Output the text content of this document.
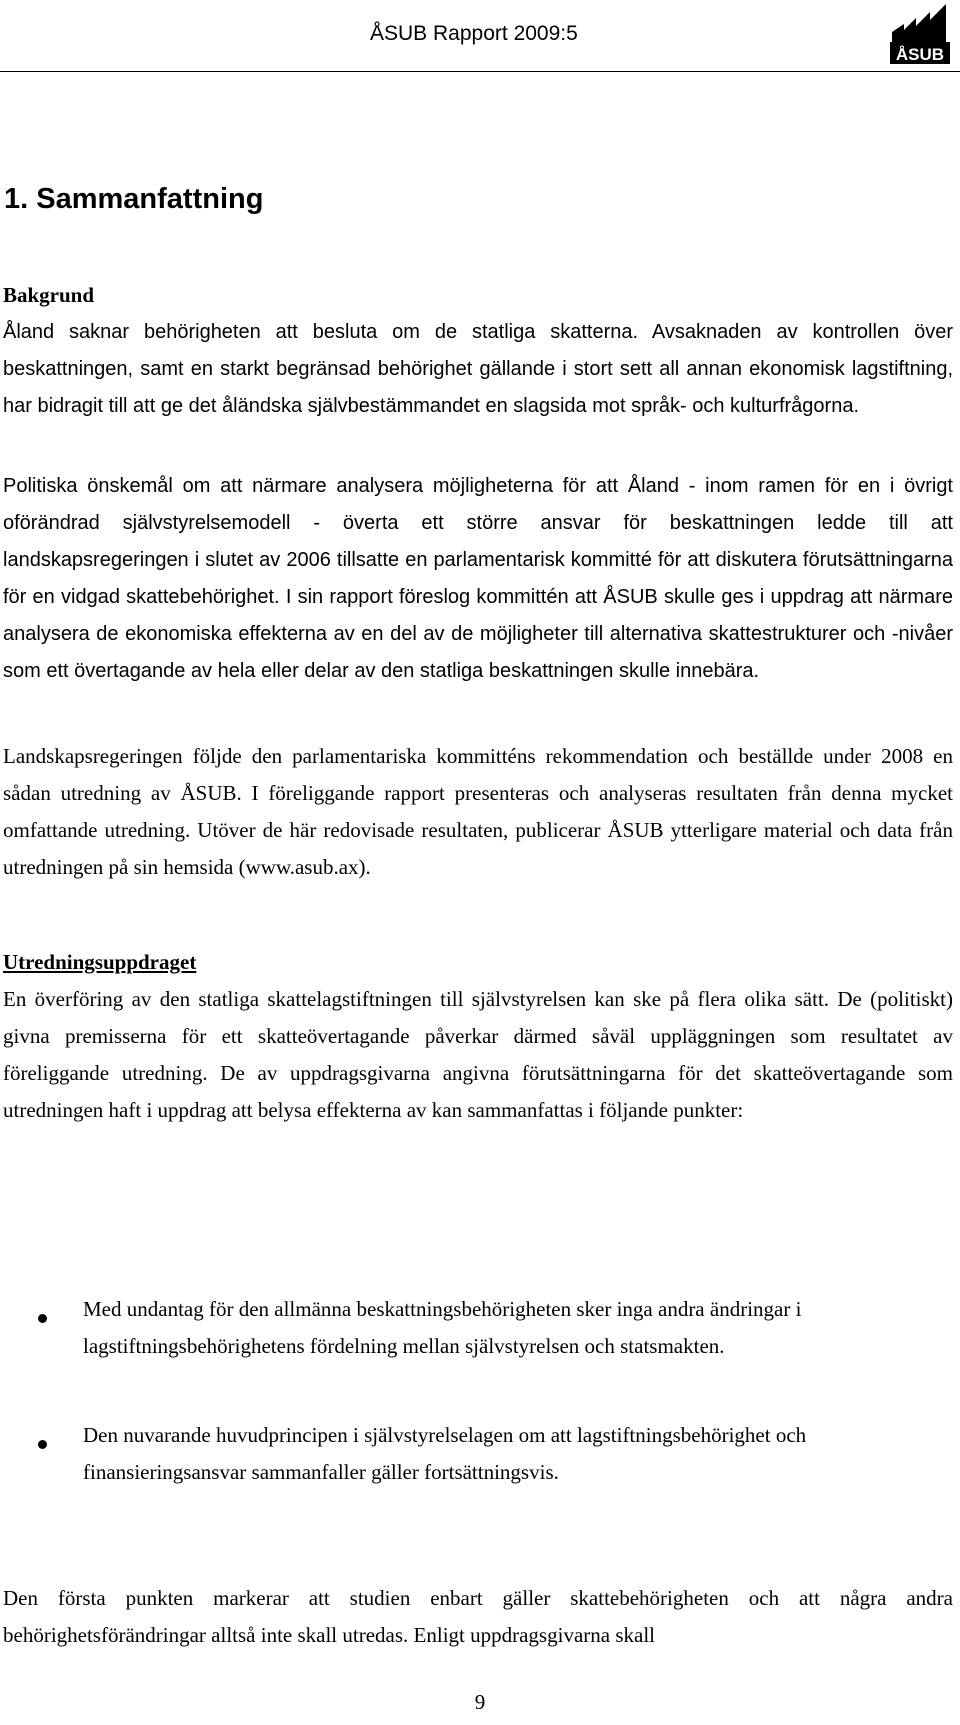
ÅSUB Rapport 2009:5
ÅSUB
1. Sammanfattning

Bakgrund

Åland saknar behörigheten att besluta om de statliga skatterna. Avsaknaden av kontrollen över beskattningen, samt en starkt begränsad behörighet gällande i stort sett all annan ekonomisk lagstiftning, har bidragit till att ge det åländska självbestämmandet en slagsida mot språk- och kulturfrågorna.

Politiska önskemål om att närmare analysera möjligheterna för att Åland - inom ramen för en i övrigt oförändrad självstyrelsemodell - överta ett större ansvar för beskattningen ledde till att landskapsregeringen i slutet av 2006 tillsatte en parlamentarisk kommitté för att diskutera förutsättningarna för en vidgad skattebehörighet. I sin rapport föreslog kommittén att ÅSUB skulle ges i uppdrag att närmare analysera de ekonomiska effekterna av en del av de möjligheter till alternativa skattestrukturer och -nivåer som ett övertagande av hela eller delar av den statliga beskattningen skulle innebära.

Landskapsregeringen följde den parlamentariska kommitténs rekommendation och beställde under 2008 en sådan utredning av ÅSUB. I föreliggande rapport presenteras och analyseras resultaten från denna mycket omfattande utredning. Utöver de här redovisade resultaten, publicerar ÅSUB ytterligare material och data från utredningen på sin hemsida (www.asub.ax).

Utredningsuppdraget

En överföring av den statliga skattelagstiftningen till självstyrelsen kan ske på flera olika sätt. De (politiskt) givna premisserna för ett skatteövertagande påverkar därmed såväl uppläggningen som resultatet av föreliggande utredning. De av uppdragsgivarna angivna förutsättningarna för det skatteövertagande som utredningen haft i uppdrag att belysa effekterna av kan sammanfattas i följande punkter:

Med undantag för den allmänna beskattningsbehörigheten sker inga andra ändringar i lagstiftningsbehörighetens fördelning mellan självstyrelsen och statsmakten.

Den nuvarande huvudprincipen i självstyrelselagen om att lagstiftningsbehörighet och finansieringsansvar sammanfaller gäller fortsättningsvis.

Den första punkten markerar att studien enbart gäller skattebehörigheten och att några andra behörighetsförändringar alltså inte skall utredas. Enligt uppdragsgivarna skall

9
